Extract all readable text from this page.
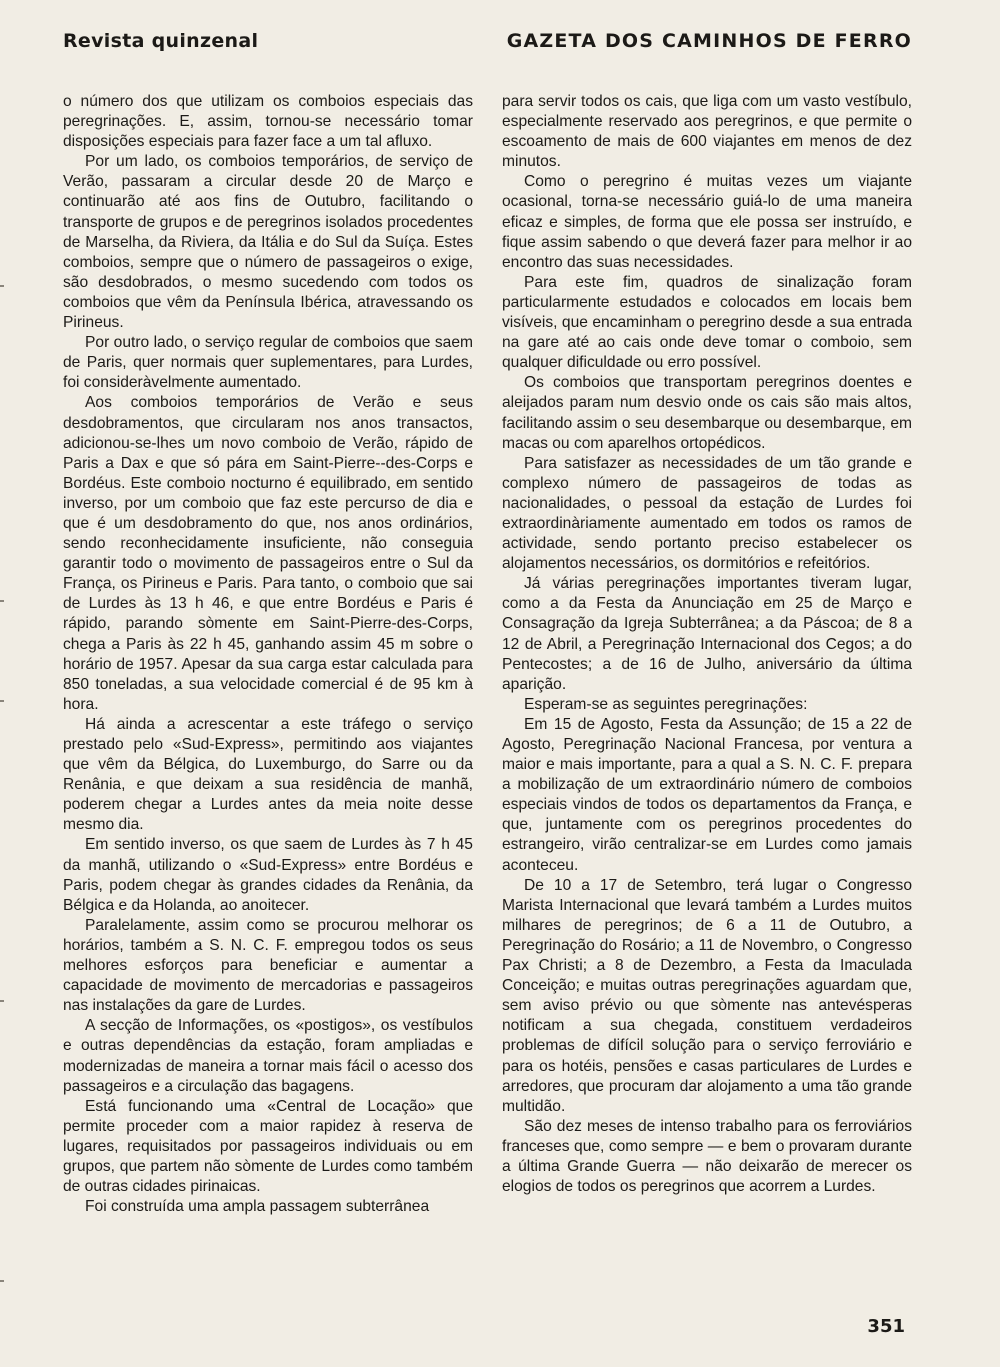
Revista quinzenal	GAZETA DOS CAMINHOS DE FERRO

o número dos que utilizam os comboios especiais das peregrinações. E, assim, tornou-se necessário tomar disposições especiais para fazer face a um tal afluxo.

Por um lado, os comboios temporários, de serviço de Verão, passaram a circular desde 20 de Março e continuarão até aos fins de Outubro, facilitando o transporte de grupos e de peregrinos isolados procedentes de Marselha, da Riviera, da Itália e do Sul da Suíça. Estes comboios, sempre que o número de passageiros o exige, são desdobrados, o mesmo sucedendo com todos os comboios que vêm da Península Ibérica, atravessando os Pirineus.

Por outro lado, o serviço regular de comboios que saem de Paris, quer normais quer suplementares, para Lurdes, foi consideràvelmente aumentado.

Aos comboios temporários de Verão e seus desdobramentos, que circularam nos anos transactos, adicionou-se-lhes um novo comboio de Verão, rápido de Paris a Dax e que só pára em Saint-Pierre--des-Corps e Bordéus. Este comboio nocturno é equilibrado, em sentido inverso, por um comboio que faz este percurso de dia e que é um desdobramento do que, nos anos ordinários, sendo reconhecidamente insuficiente, não conseguia garantir todo o movimento de passageiros entre o Sul da França, os Pirineus e Paris. Para tanto, o comboio que sai de Lurdes às 13 h 46, e que entre Bordéus e Paris é rápido, parando sòmente em Saint-Pierre-des-Corps, chega a Paris às 22 h 45, ganhando assim 45 m sobre o horário de 1957. Apesar da sua carga estar calculada para 850 toneladas, a sua velocidade comercial é de 95 km à hora.

Há ainda a acrescentar a este tráfego o serviço prestado pelo «Sud-Express», permitindo aos viajantes que vêm da Bélgica, do Luxemburgo, do Sarre ou da Renânia, e que deixam a sua residência de manhã, poderem chegar a Lurdes antes da meia noite desse mesmo dia.

Em sentido inverso, os que saem de Lurdes às 7 h 45 da manhã, utilizando o «Sud-Express» entre Bordéus e Paris, podem chegar às grandes cidades da Renânia, da Bélgica e da Holanda, ao anoitecer.

Paralelamente, assim como se procurou melhorar os horários, também a S. N. C. F. empregou todos os seus melhores esforços para beneficiar e aumentar a capacidade de movimento de mercadorias e passageiros nas instalações da gare de Lurdes.

A secção de Informações, os «postigos», os vestíbulos e outras dependências da estação, foram ampliadas e modernizadas de maneira a tornar mais fácil o acesso dos passageiros e a circulação das bagagens.

Está funcionando uma «Central de Locação» que permite proceder com a maior rapidez à reserva de lugares, requisitados por passageiros individuais ou em grupos, que partem não sòmente de Lurdes como também de outras cidades pirinaicas.

Foi construída uma ampla passagem subterrânea

para servir todos os cais, que liga com um vasto vestíbulo, especialmente reservado aos peregrinos, e que permite o escoamento de mais de 600 viajantes em menos de dez minutos.

Como o peregrino é muitas vezes um viajante ocasional, torna-se necessário guiá-lo de uma maneira eficaz e simples, de forma que ele possa ser instruído, e fique assim sabendo o que deverá fazer para melhor ir ao encontro das suas necessidades.

Para este fim, quadros de sinalização foram particularmente estudados e colocados em locais bem visíveis, que encaminham o peregrino desde a sua entrada na gare até ao cais onde deve tomar o comboio, sem qualquer dificuldade ou erro possível.

Os comboios que transportam peregrinos doentes e aleijados param num desvio onde os cais são mais altos, facilitando assim o seu desembarque ou desembarque, em macas ou com aparelhos ortopédicos.

Para satisfazer as necessidades de um tão grande e complexo número de passageiros de todas as nacionalidades, o pessoal da estação de Lurdes foi extraordinàriamente aumentado em todos os ramos de actividade, sendo portanto preciso estabelecer os alojamentos necessários, os dormitórios e refeitórios.

Já várias peregrinações importantes tiveram lugar, como a da Festa da Anunciação em 25 de Março e Consagração da Igreja Subterrânea; a da Páscoa; de 8 a 12 de Abril, a Peregrinação Internacional dos Cegos; a do Pentecostes; a de 16 de Julho, aniversário da última aparição.

Esperam-se as seguintes peregrinações:

Em 15 de Agosto, Festa da Assunção; de 15 a 22 de Agosto, Peregrinação Nacional Francesa, por ventura a maior e mais importante, para a qual a S. N. C. F. prepara a mobilização de um extraordinário número de comboios especiais vindos de todos os departamentos da França, e que, juntamente com os peregrinos procedentes do estrangeiro, virão centralizar-se em Lurdes como jamais aconteceu.

De 10 a 17 de Setembro, terá lugar o Congresso Marista Internacional que levará também a Lurdes muitos milhares de peregrinos; de 6 a 11 de Outubro, a Peregrinação do Rosário; a 11 de Novembro, o Congresso Pax Christi; a 8 de Dezembro, a Festa da Imaculada Conceição; e muitas outras peregrinações aguardam que, sem aviso prévio ou que sòmente nas antevésperas notificam a sua chegada, constituem verdadeiros problemas de difícil solução para o serviço ferroviário e para os hotéis, pensões e casas particulares de Lurdes e arredores, que procuram dar alojamento a uma tão grande multidão.

São dez meses de intenso trabalho para os ferroviários franceses que, como sempre — e bem o provaram durante a última Grande Guerra — não deixarão de merecer os elogios de todos os peregrinos que acorrem a Lurdes.

351
